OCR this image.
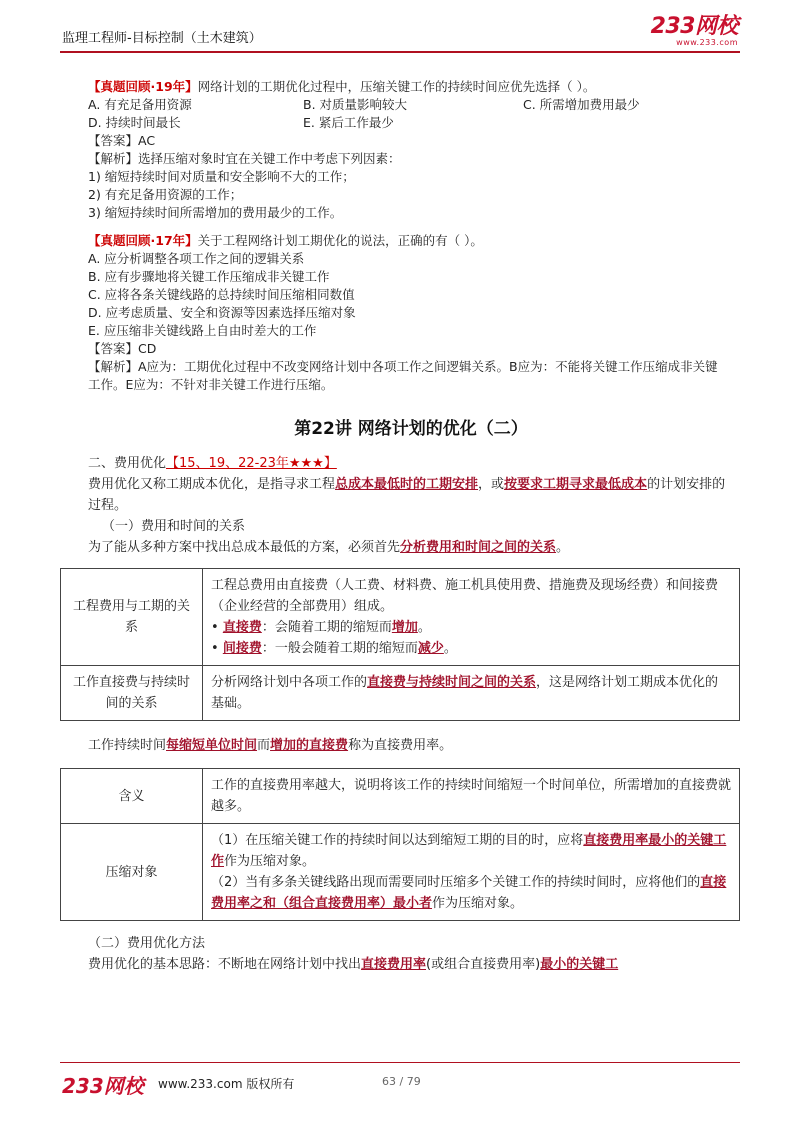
监理工程师-目标控制（土木建筑）	233网校
www.233.com
【真题回顾·19年】网络计划的工期优化过程中，压缩关键工作的持续时间应优先选择（ ）。
A. 有充足备用资源	B. 对质量影响较大	C. 所需增加费用最少
D. 持续时间最长	E. 紧后工作最少
【答案】AC
【解析】选择压缩对象时宜在关键工作中考虑下列因素：
1) 缩短持续时间对质量和安全影响不大的工作；
2) 有充足备用资源的工作；
3) 缩短持续时间所需增加的费用最少的工作。
【真题回顾·17年】关于工程网络计划工期优化的说法，正确的有（ ）。
A. 应分析调整各项工作之间的逻辑关系
B. 应有步骤地将关键工作压缩成非关键工作
C. 应将各条关键线路的总持续时间压缩相同数值
D. 应考虑质量、安全和资源等因素选择压缩对象
E. 应压缩非关键线路上自由时差大的工作
【答案】CD
【解析】A应为：工期优化过程中不改变网络计划中各项工作之间逻辑关系。B应为：不能将关键工作压缩成非关键工作。E应为：不针对非关键工作进行压缩。
第22讲 网络计划的优化（二）
二、费用优化【15、19、22-23年★★★】
费用优化又称工期成本优化，是指寻求工程总成本最低时的工期安排，或按要求工期寻求最低成本的计划安排的过程。
（一）费用和时间的关系
为了能从多种方案中找出总成本最低的方案，必须首先分析费用和时间之间的关系。
工程费用与工期的关系	工程总费用由直接费（人工费、材料费、施工机具使用费、措施费及现场经费）和间接费（企业经营的全部费用）组成。
• 直接费：会随着工期的缩短而增加。
• 间接费：一般会随着工期的缩短而减少。

工作直接费与持续时间的关系	分析网络计划中各项工作的直接费与持续时间之间的关系，这是网络计划工期成本优化的基础。
工作持续时间每缩短单位时间而增加的直接费称为直接费用率。
含义	工作的直接费用率越大，说明将该工作的持续时间缩短一个时间单位，所需增加的直接费就越多。
压缩对象	（1）在压缩关键工作的持续时间以达到缩短工期的目的时，应将直接费用率最小的关键工作作为压缩对象。
（2）当有多条关键线路出现而需要同时压缩多个关键工作的持续时间时，应将他们的直接费用率之和（组合直接费用率）最小者作为压缩对象。
（二）费用优化方法
费用优化的基本思路：不断地在网络计划中找出直接费用率(或组合直接费用率)最小的关键工
233网校 www.233.com 版权所有	63 / 79
